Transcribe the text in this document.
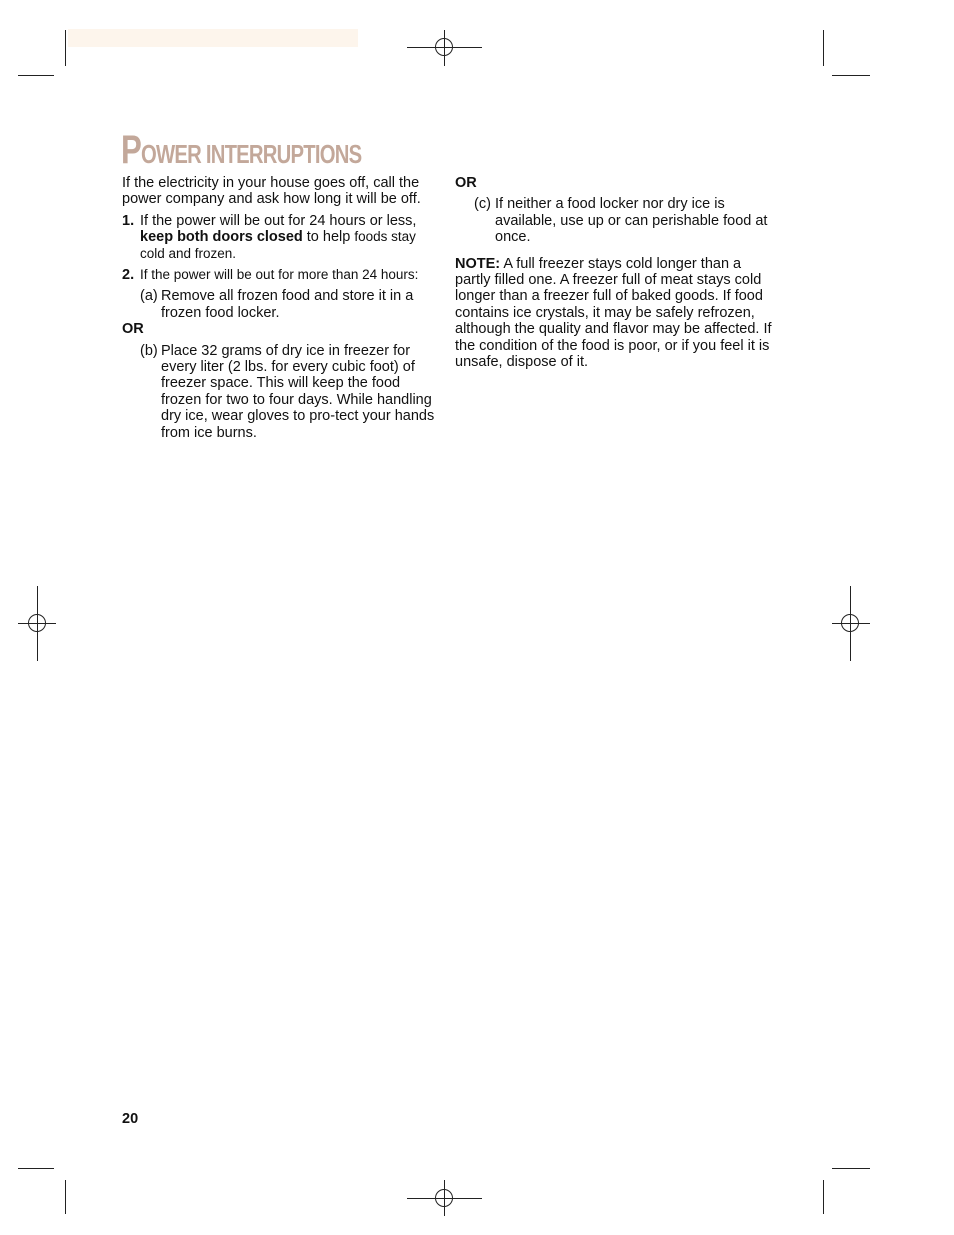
POWER INTERRUPTIONS

If the electricity in your house goes off, call the power company and ask how long it will be off.

1. If the power will be out for 24 hours or less, keep both doors closed to help foods stay cold and frozen.
2. If the power will be out for more than 24 hours:
(a) Remove all frozen food and store it in a frozen food locker.

OR

(b) Place 32 grams of dry ice in freezer for every liter (2 lbs. for every cubic foot) of freezer space. This will keep the food frozen for two to four days. While handling dry ice, wear gloves to pro-tect your hands from ice burns.

OR

(c) If neither a food locker nor dry ice is available, use up or can perishable food at once.

NOTE: A full freezer stays cold longer than a partly filled one. A freezer full of meat stays cold longer than a freezer full of baked goods. If food contains ice crystals, it may be safely refrozen, although the quality and flavor may be affected. If the condition of the food is poor, or if you feel it is unsafe, dispose of it.

20
